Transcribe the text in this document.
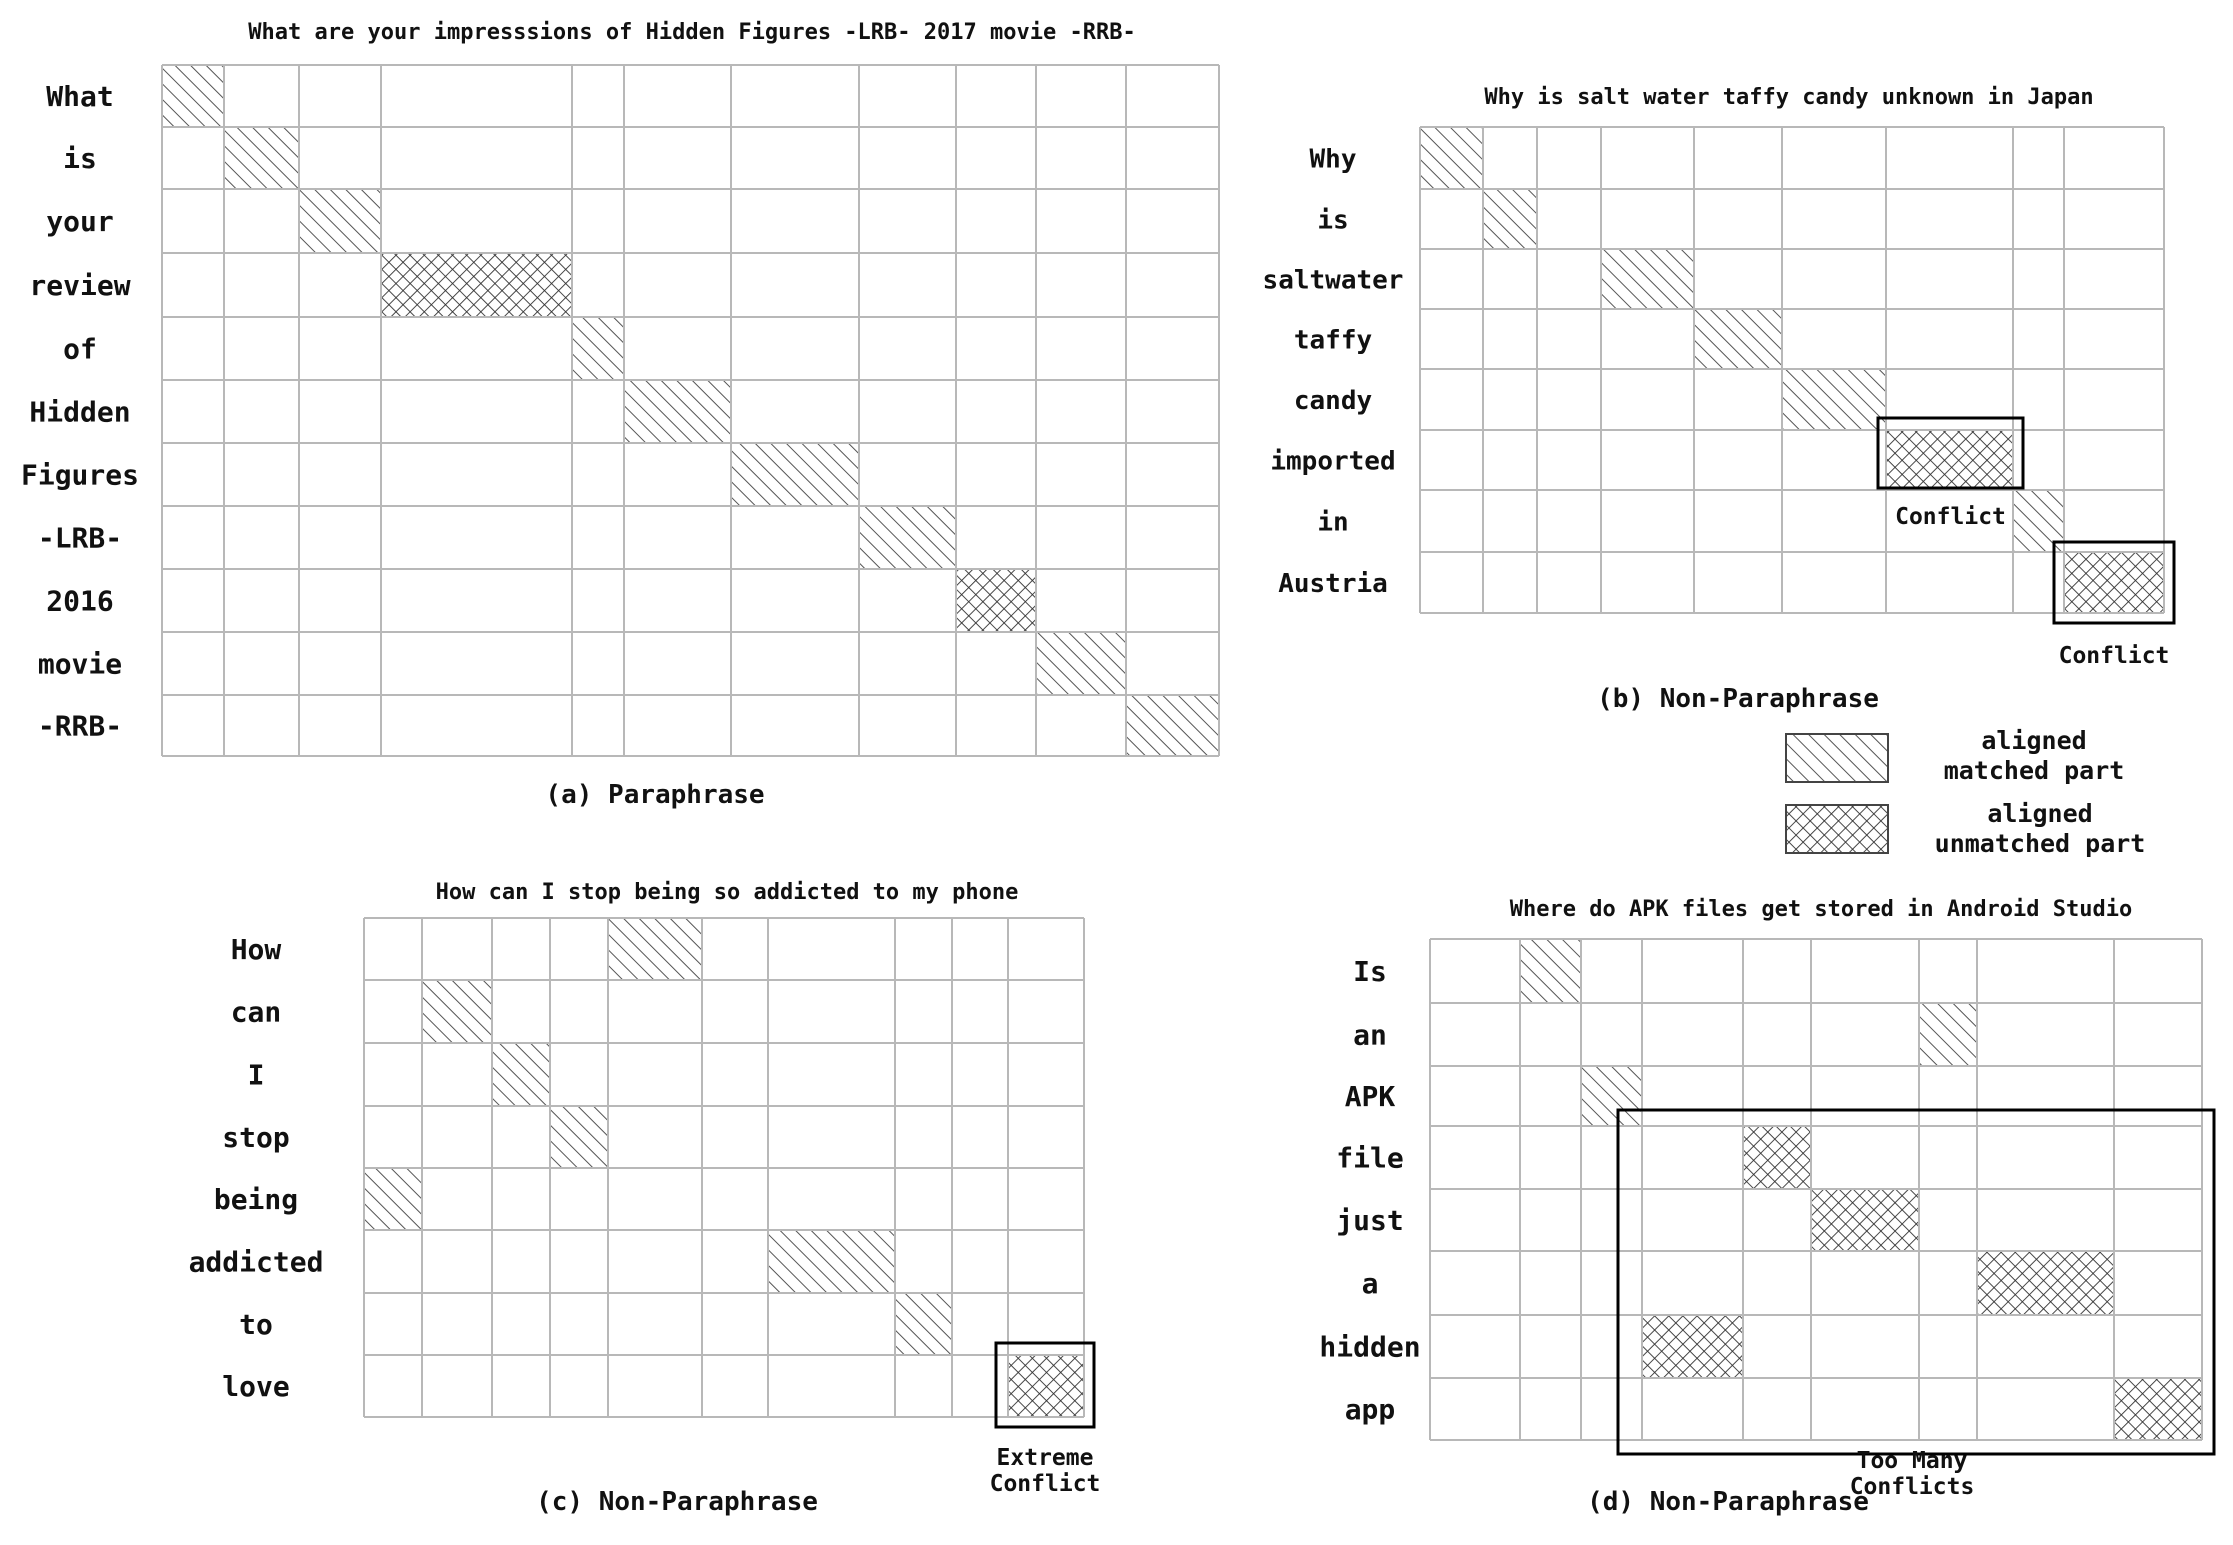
What are your impresssions of Hidden Figures -LRB- 2017 movie -RRB-
What
is
your
review
of
Hidden
Figures
-LRB-
2016
movie
-RRB-
(a) Paraphrase
Why is salt water taffy candy unknown in Japan
Why
is
saltwater
taffy
candy
imported
in
Austria
Conflict
Conflict
(b) Non-Paraphrase
How can I stop being so addicted to my phone
How
can
I
stop
being
addicted
to
love
Extreme Conflict
(c) Non-Paraphrase
Where do APK files get stored in Android Studio
Is
an
APK
file
just
a
hidden
app
Too Many Conflicts
(d) Non-Paraphrase
aligned matched part
aligned unmatched part
